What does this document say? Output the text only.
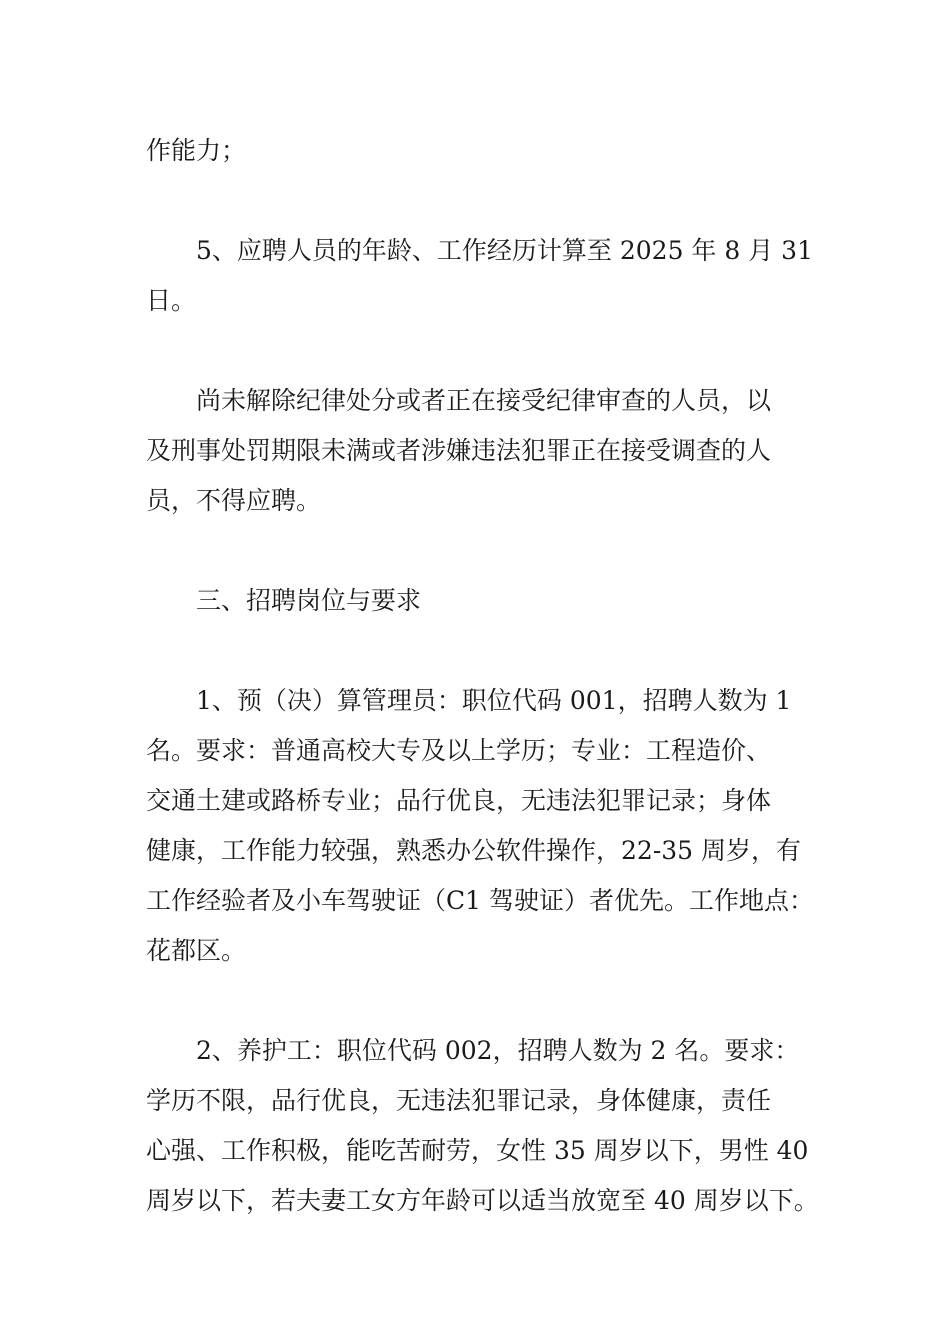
作能力；

5、应聘人员的年龄、工作经历计算至 2025 年 8 月 31
日。

尚未解除纪律处分或者正在接受纪律审查的人员，以
及刑事处罚期限未满或者涉嫌违法犯罪正在接受调查的人
员，不得应聘。

三、招聘岗位与要求

1、预（决）算管理员：职位代码 001，招聘人数为 1
名。要求：普通高校大专及以上学历；专业：工程造价、
交通土建或路桥专业；品行优良，无违法犯罪记录；身体
健康，工作能力较强，熟悉办公软件操作，22-35 周岁，有
工作经验者及小车驾驶证（C1 驾驶证）者优先。工作地点：
花都区。

2、养护工：职位代码 002，招聘人数为 2 名。要求：
学历不限，品行优良，无违法犯罪记录，身体健康，责任
心强、工作积极，能吃苦耐劳，女性 35 周岁以下，男性 40
周岁以下，若夫妻工女方年龄可以适当放宽至 40 周岁以下。
